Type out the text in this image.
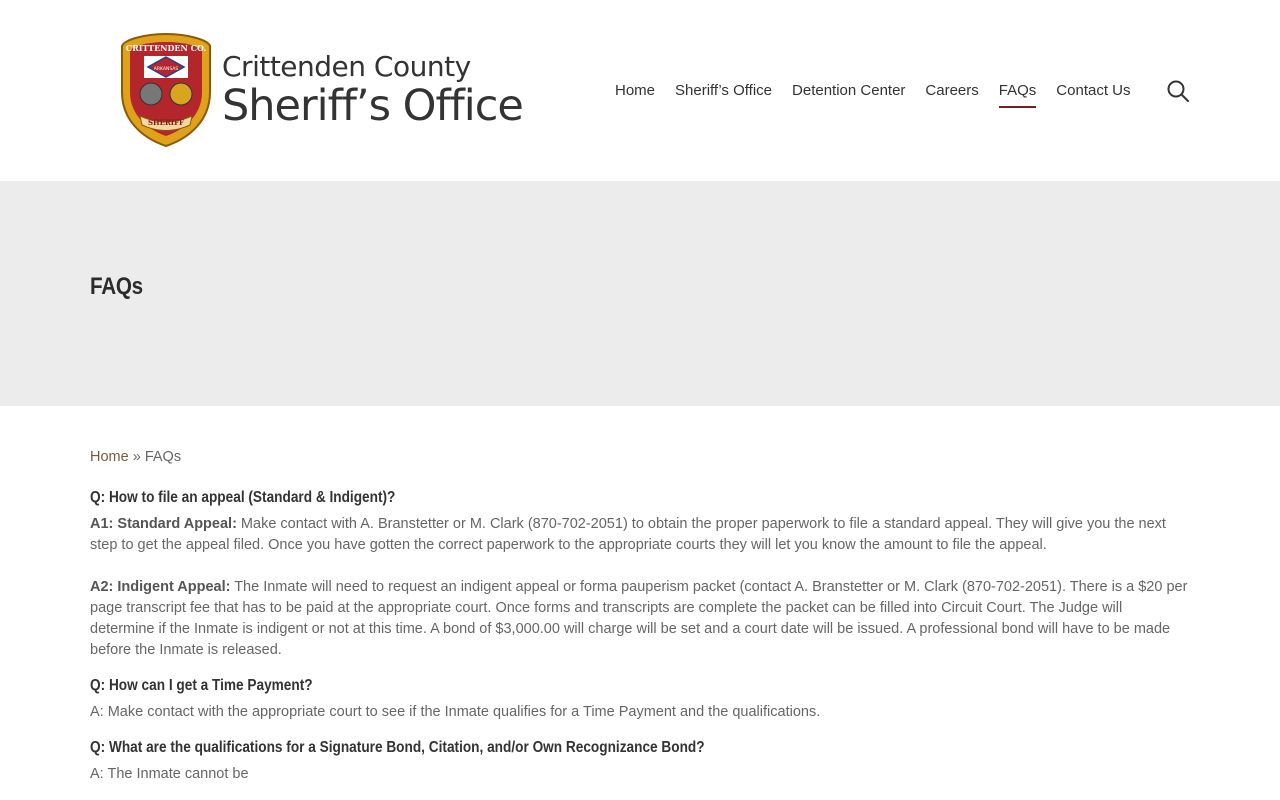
CRITTENDEN CO.
ARKANSAS
SHERIFF
Crittenden County
Sheriff’s Office	Home Sheriff’s Office Detention Center Careers FAQs Contact Us
FAQs

Home » FAQs

Q: How to file an appeal (Standard & Indigent)?

A1: Standard Appeal: Make contact with A. Branstetter or M. Clark (870-702-2051) to obtain the proper paperwork to file a standard appeal. They will give you the next step to get the appeal filed. Once you have gotten the correct paperwork to the appropriate courts they will let you know the amount to file the appeal.

A2: Indigent Appeal: The Inmate will need to request an indigent appeal or forma pauperism packet (contact A. Branstetter or M. Clark (870-702-2051). There is a $20 per page transcript fee that has to be paid at the appropriate court. Once forms and transcripts are complete the packet can be filled into Circuit Court. The Judge will determine if the Inmate is indigent or not at this time. A bond of $3,000.00 will charge will be set and a court date will be issued. A professional bond will have to be made before the Inmate is released.

Q: How can I get a Time Payment?

A: Make contact with the appropriate court to see if the Inmate qualifies for a Time Payment and the qualifications.

Q: What are the qualifications for a Signature Bond, Citation, and/or Own Recognizance Bond?

A: The Inmate cannot be
